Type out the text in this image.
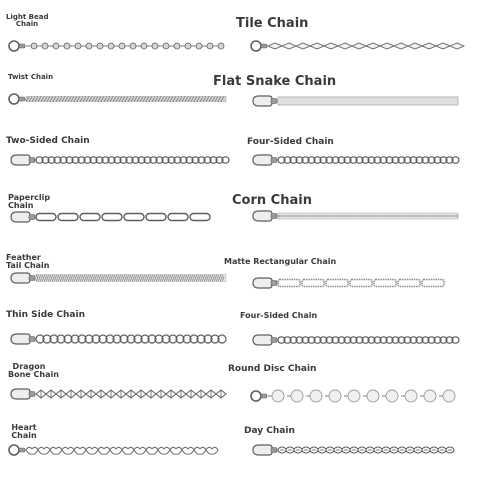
Light Bead
Chain	Tile Chain
Twist Chain	Flat Snake Chain
Two-Sided Chain	Four-Sided Chain
Paperclip
Chain	Corn Chain
Feather
Tail Chain	Matte Rectangular Chain
Thin Side Chain	Four-Sided Chain
Dragon
Bone Chain
Round Disc Chain
Heart
Chain	Day Chain
